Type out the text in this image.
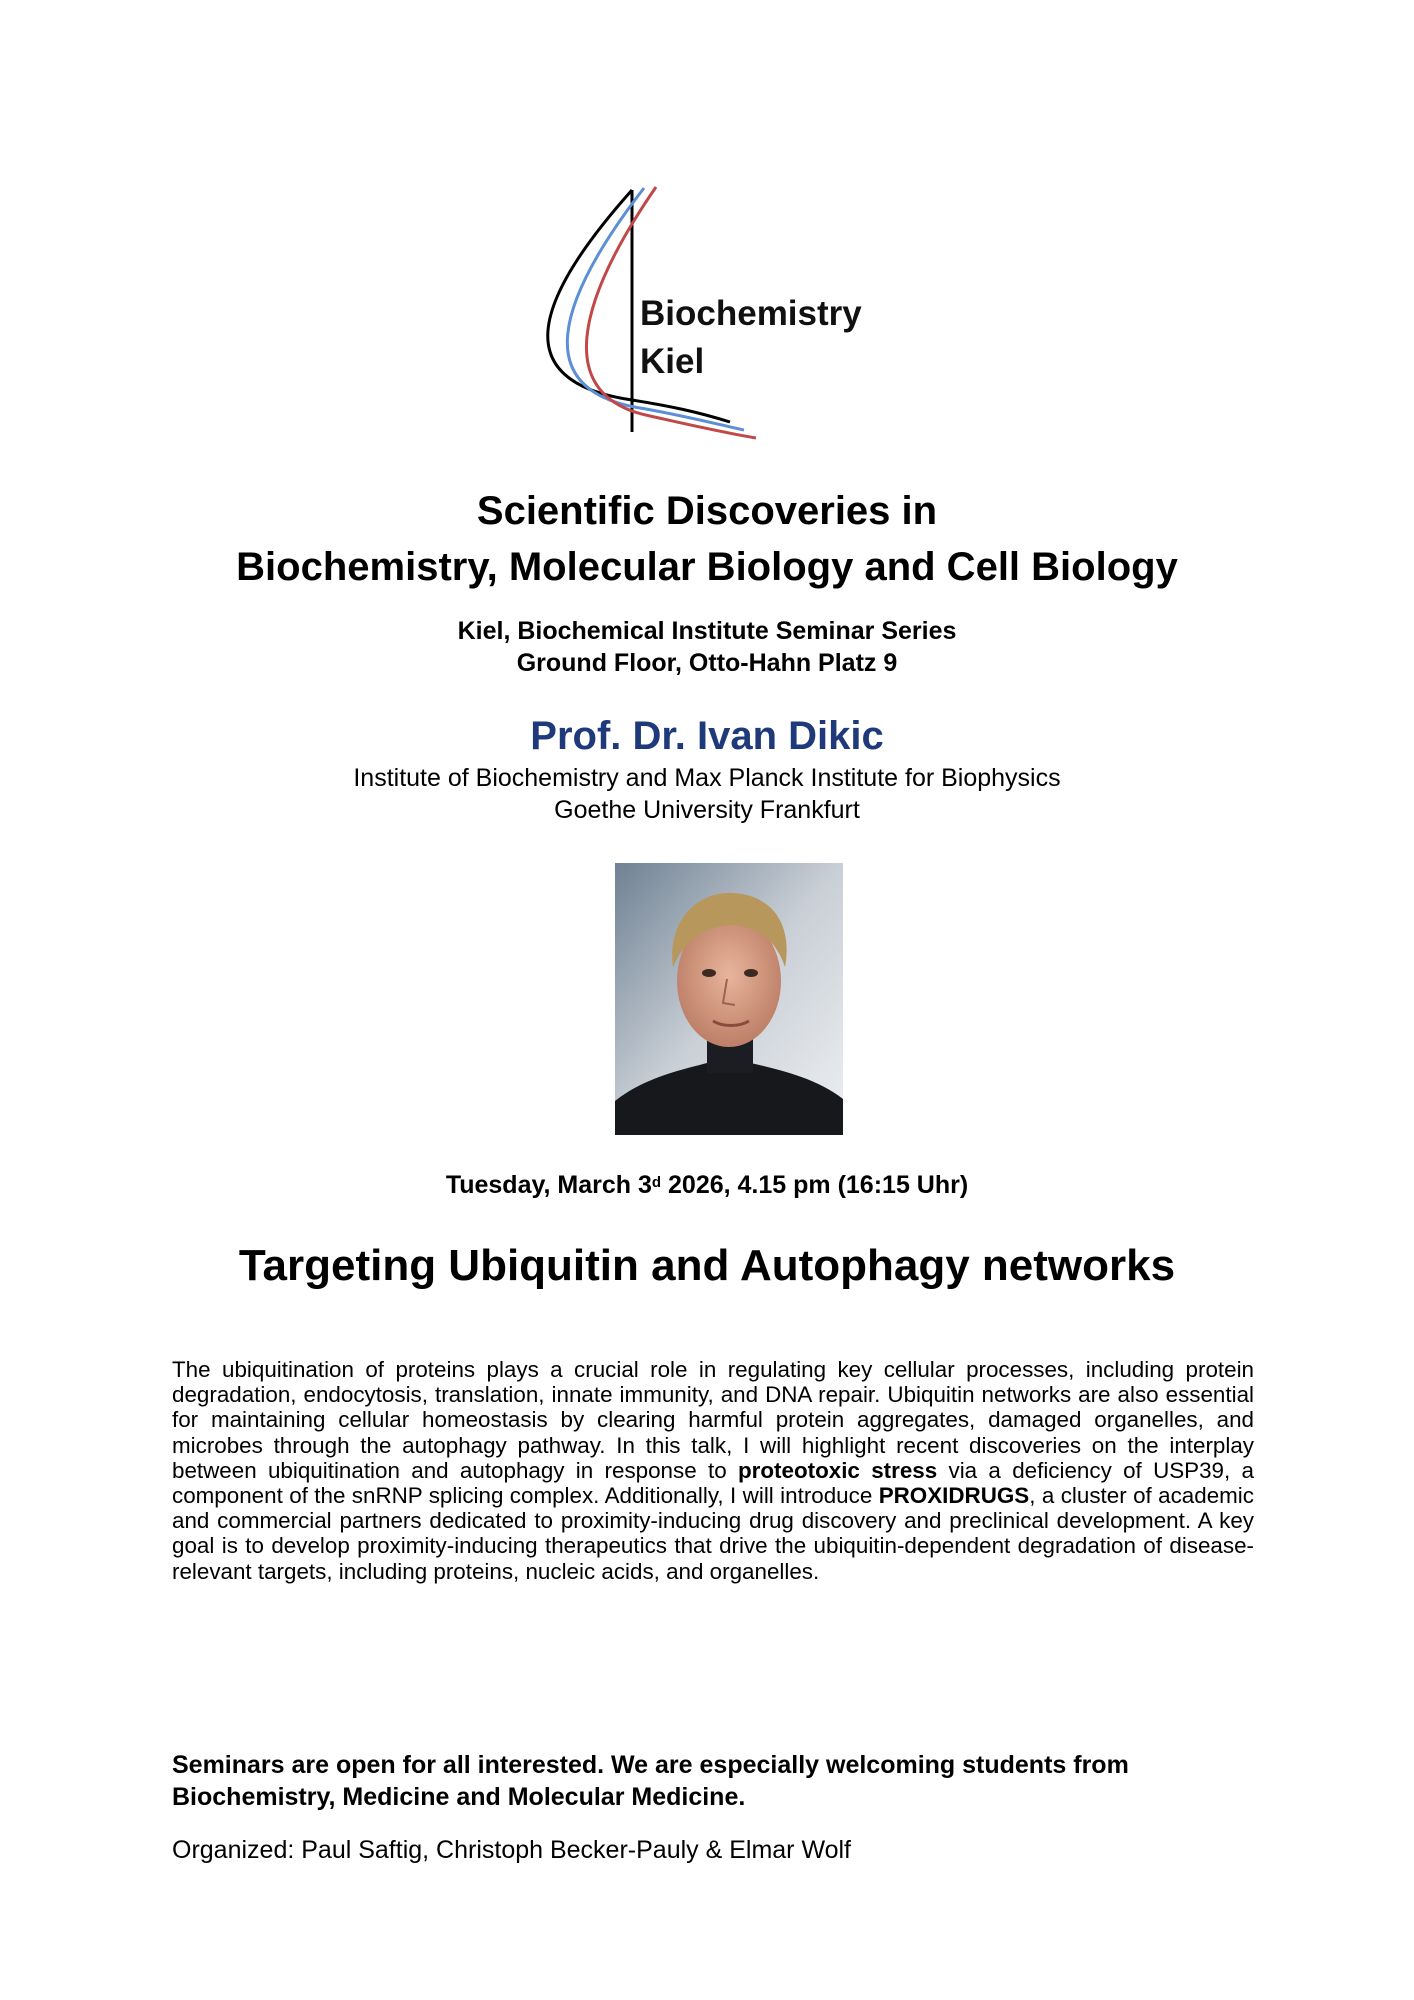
Biochemistry
Kiel
Scientific Discoveries in
Biochemistry, Molecular Biology and Cell Biology
Kiel, Biochemical Institute Seminar Series
Ground Floor, Otto-Hahn Platz 9
Prof. Dr. Ivan Dikic
Institute of Biochemistry and Max Planck Institute for Biophysics
Goethe University Frankfurt
Tuesday, March 3$^d$ 2026, 4.15 pm (16:15 Uhr)
Targeting Ubiquitin and Autophagy networks
The ubiquitination of proteins plays a crucial role in regulating key cellular processes, including protein degradation, endocytosis, translation, innate immunity, and DNA repair. Ubiquitin networks are also essential for maintaining cellular homeostasis by clearing harmful protein aggregates, damaged organelles, and microbes through the autophagy pathway. In this talk, I will highlight recent discoveries on the interplay between ubiquitination and autophagy in response to proteotoxic stress via a deficiency of USP39, a component of the snRNP splicing complex. Additionally, I will introduce PROXIDRUGS, a cluster of academic and commercial partners dedicated to proximity-inducing drug discovery and preclinical development. A key goal is to develop proximity-inducing therapeutics that drive the ubiquitin-dependent degradation of disease-relevant targets, including proteins, nucleic acids, and organelles.
Seminars are open for all interested. We are especially welcoming students from Biochemistry, Medicine and Molecular Medicine.
Organized: Paul Saftig, Christoph Becker-Pauly & Elmar Wolf
